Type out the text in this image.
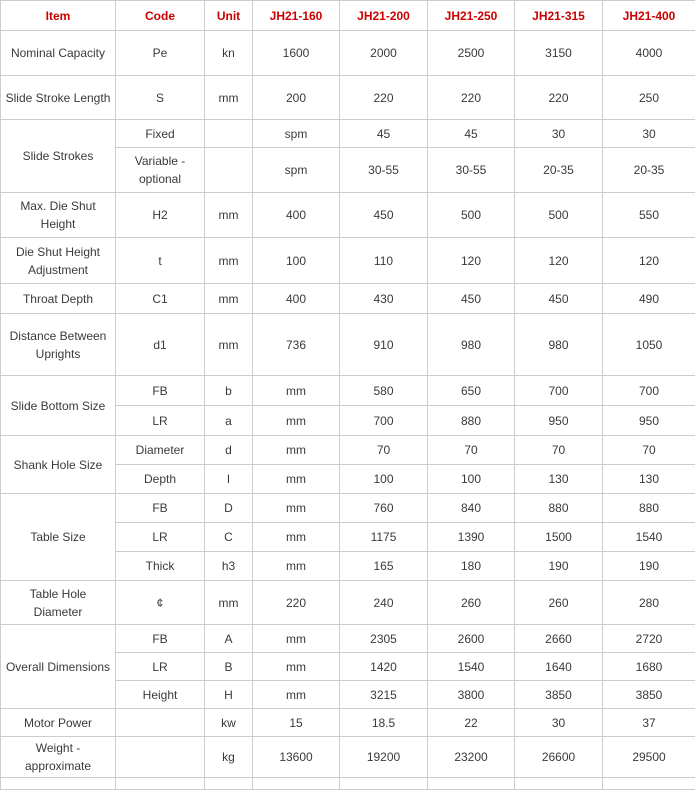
Item	Code	Unit	JH21-160	JH21-200	JH21-250	JH21-315	JH21-400
Nominal Capacity	Pe	kn	1600	2000	2500	3150	4000
Slide Stroke Length	S	mm	200	220	220	220	250
Slide Strokes	Fixed		spm	45	45	30	30
	Variable - optional		spm	30-55	30-55	20-35	20-35
Max. Die Shut Height	H2	mm	400	450	500	500	550
Die Shut Height Adjustment	t	mm	100	110	120	120	120
Throat Depth	C1	mm	400	430	450	450	490
Distance Between Uprights	d1	mm	736	910	980	980	1050
Slide Bottom Size	FB	b	mm	580	650	700	700
	LR	a	mm	700	880	950	950
Shank Hole Size	Diameter	d	mm	70	70	70	70
	Depth	l	mm	100	100	130	130
Table Size	FB	D	mm	760	840	880	880
	LR	C	mm	1175	1390	1500	1540
	Thick	h3	mm	165	180	190	190
Table Hole Diameter	¢	mm	220	240	260	260	280
Overall Dimensions	FB	A	mm	2305	2600	2660	2720
	LR	B	mm	1420	1540	1640	1680
	Height	H	mm	3215	3800	3850	3850
Motor Power		kw	15	18.5	22	30	37
Weight - approximate		kg	13600	19200	23200	26600	29500
